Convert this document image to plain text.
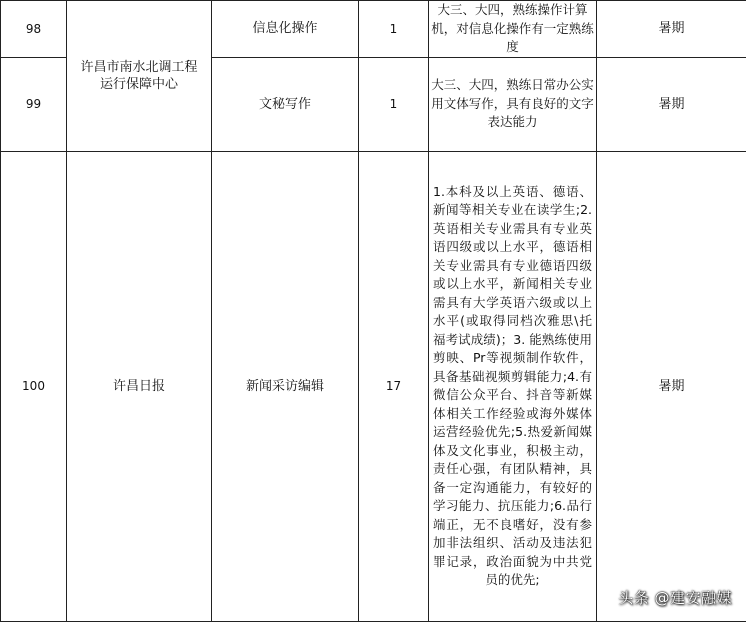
98	许昌市南水北调工程运行保障中心	信息化操作	1	大三、大四，熟练操作计算机，对信息化操作有一定熟练度	暑期
99		文秘写作	1	大三、大四，熟练日常办公实用文体写作，具有良好的文字表达能力	暑期
100	许昌日报	新闻采访编辑	17	1.本科及以上英语、德语、新闻等相关专业在读学生;2.英语相关专业需具有专业英语四级或以上水平，德语相关专业需具有专业德语四级或以上水平，新闻相关专业需具有大学英语六级或以上水平(或取得同档次雅思\托福考试成绩)；3. 能熟练使用剪映、Pr等视频制作软件，具备基础视频剪辑能力;4.有微信公众平台、抖音等新媒体相关工作经验或海外媒体运营经验优先;5.热爱新闻媒体及文化事业，积极主动，责任心强，有团队精神，具备一定沟通能力，有较好的学习能力、抗压能力;6.品行端正，无不良嗜好，没有参加非法组织、活动及违法犯罪记录，政治面貌为中共党员的优先;	暑期
头条 @建安融媒
